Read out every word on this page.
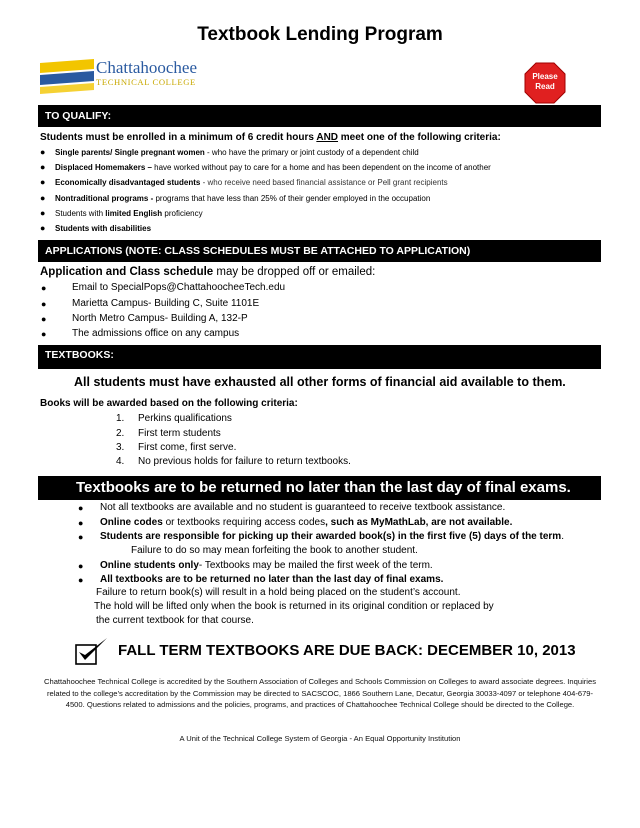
Textbook Lending Program
Chattahoochee
TECHNICAL COLLEGE
Please
Read
TO QUALIFY:
Students must be enrolled in a minimum of 6 credit hours AND meet one of the following criteria:
● Single parents/ Single pregnant women - who have the primary or joint custody of a dependent child
● Displaced Homemakers – have worked without pay to care for a home and has been dependent on the income of another
● Economically disadvantaged students - who receive need based financial assistance or Pell grant recipients
● Nontraditional programs - programs that have less than 25% of their gender employed in the occupation
● Students with limited English proficiency
● Students with disabilities
APPLICATIONS (NOTE: CLASS SCHEDULES MUST BE ATTACHED TO APPLICATION)
Application and Class schedule may be dropped off or emailed:
●	Email to SpecialPops@ChattahoocheeTech.edu
●	Marietta Campus- Building C, Suite 1101E
●	North Metro Campus- Building A, 132-P
●	The admissions office on any campus
TEXTBOOKS:
All students must have exhausted all other forms of financial aid available to them.
Books will be awarded based on the following criteria:
1. Perkins qualifications
2. First term students
3. First come, first serve.
4. No previous holds for failure to return textbooks.
Textbooks are to be returned no later than the last day of final exams.
● Not all textbooks are available and no student is guaranteed to receive textbook assistance.
● Online codes or textbooks requiring access codes, such as MyMathLab, are not available.
● Students are responsible for picking up their awarded book(s) in the first five (5) days of the term.
Failure to do so may mean forfeiting the book to another student.
● Online students only- Textbooks may be mailed the first week of the term.
● All textbooks are to be returned no later than the last day of final exams.
Failure to return book(s) will result in a hold being placed on the student’s account.
The hold will be lifted only when the book is returned in its original condition or replaced by
the current textbook for that course.
FALL TERM TEXTBOOKS ARE DUE BACK: DECEMBER 10, 2013
Chattahoochee Technical College is accredited by the Southern Association of Colleges and Schools Commission on Colleges to award associate degrees. Inquiries related to the college’s accreditation by the Commission may be directed to SACSCOC, 1866 Southern Lane, Decatur, Georgia 30033-4097 or telephone 404-679-4500. Questions related to admissions and the policies, programs, and practices of Chattahoochee Technical College should be directed to the College.
A Unit of the Technical College System of Georgia - An Equal Opportunity Institution
